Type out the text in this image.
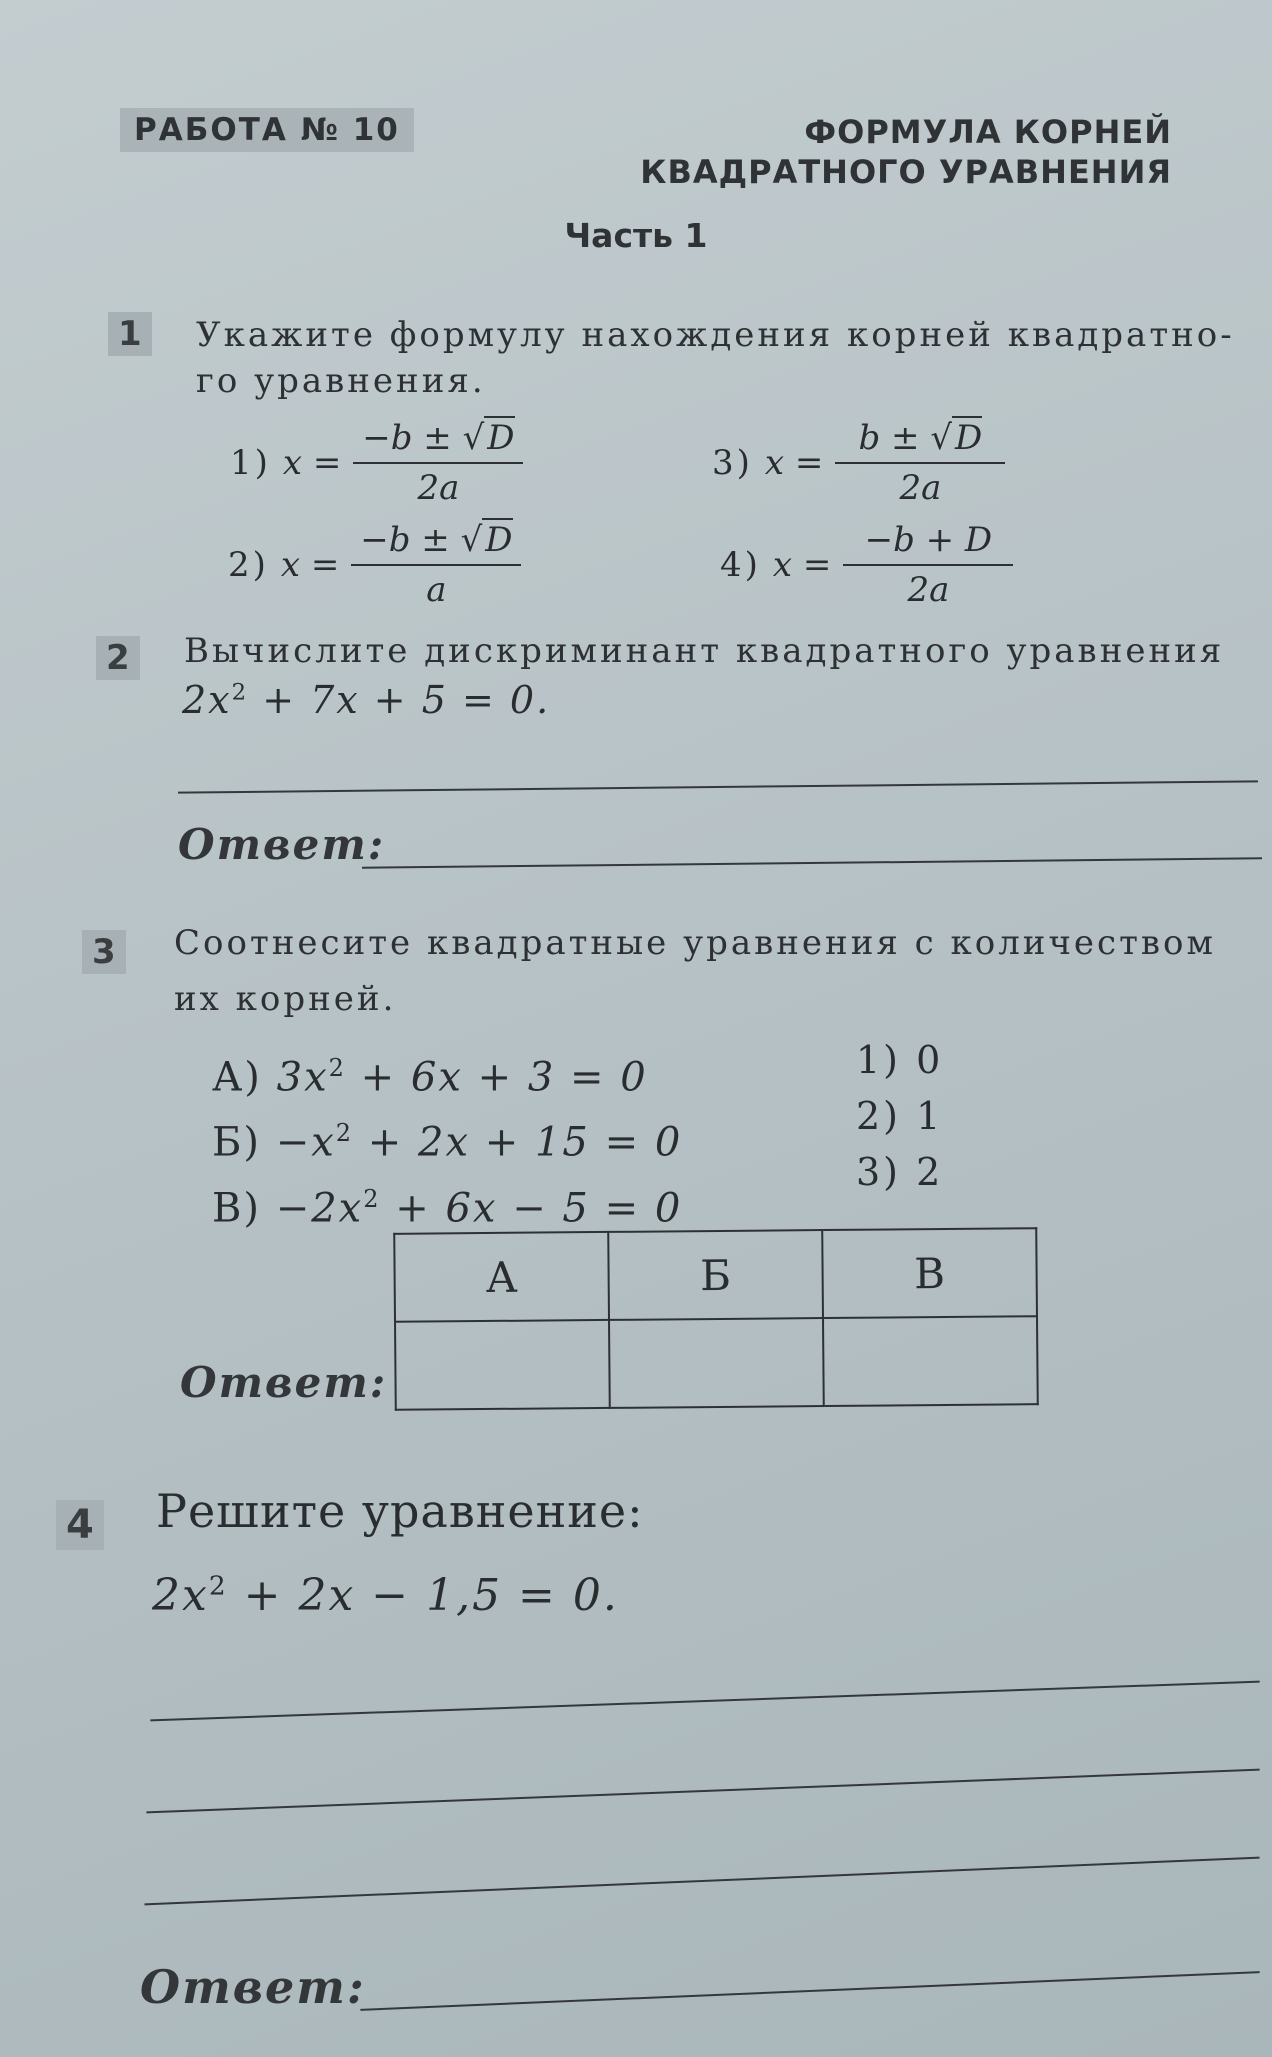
РАБОТА № 10	ФОРМУЛА КОРНЕЙ
КВАДРАТНОГО УРАВНЕНИЯ
Часть 1
1 Укажите формулу нахождения корней квадратно-
го уравнения.
1) $x = \frac{-b \pm √D}{2a}$
2) $x = \frac{-b \pm √D}{a}$
3) $x = \frac{b \pm √D}{2a}$
4) $x = \frac{-b + D}{2a}$
2 Вычислите дискриминант квадратного уравнения
$2x^2 + 7x + 5 = 0$.
Ответ:
3 Соотнесите квадратные уравнения с количеством
их корней.
А) $3x^2 + 6x + 3 = 0$
$Б) -x^2 + 2x + 15 = 0$
$В) -2x^2 + 6x - 5 = 0$
1) 0
2) 1
3) 2
Ответ:
А	Б	В

4 Решите уравнение:
$2x^2 + 2x - 1,5 = 0$.
Ответ:
